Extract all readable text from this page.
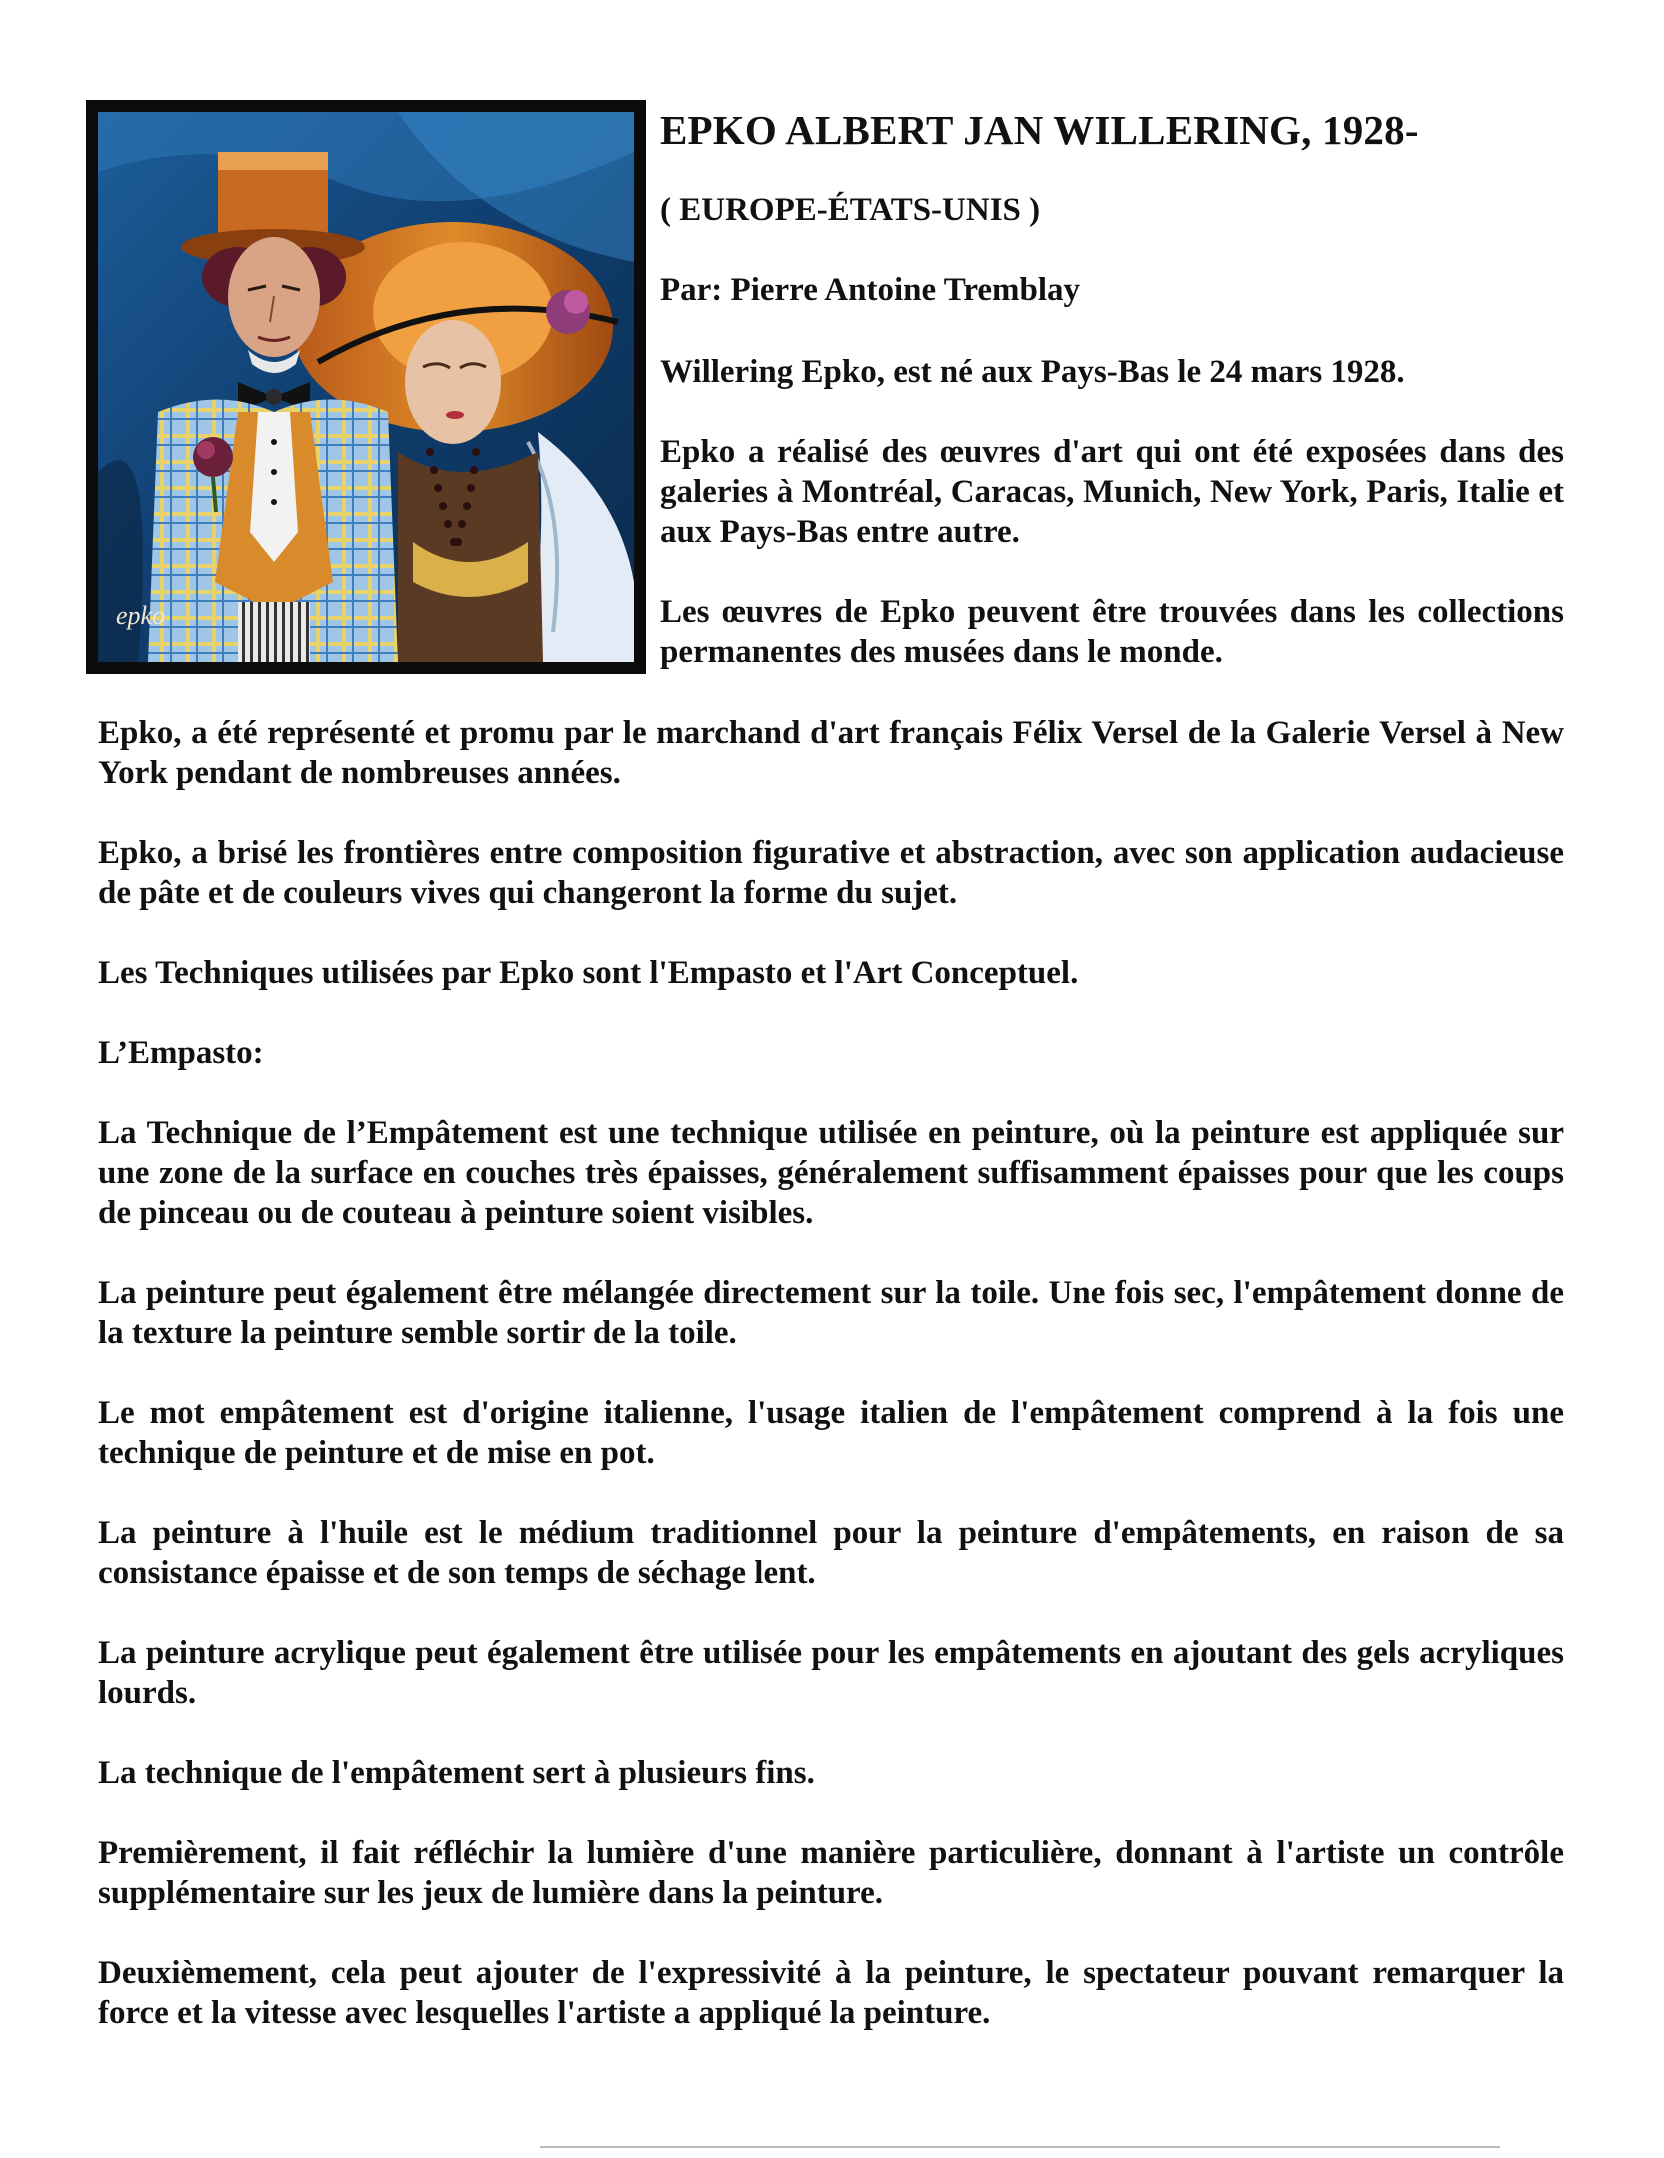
epko
EPKO ALBERT JAN WILLERING, 1928-

( EUROPE-ÉTATS-UNIS )

Par: Pierre Antoine Tremblay

Willering Epko, est né aux Pays-Bas le 24 mars 1928.

Epko a réalisé des œuvres d'art qui ont été exposées dans des galeries à Montréal, Caracas, Munich, New York, Paris, Italie et aux Pays-Bas entre autre.

Les œuvres de Epko peuvent être trouvées dans les collections permanentes des musées dans le monde.

Epko, a été représenté et promu par le marchand d'art français Félix Versel de la Galerie Versel à New York pendant de nombreuses années.

Epko, a brisé les frontières entre composition figurative et abstraction, avec son application audacieuse de pâte et de couleurs vives qui changeront la forme du sujet.

Les Techniques utilisées par Epko sont l'Empasto et l'Art Conceptuel.

L’Empasto:

La Technique de l’Empâtement est une technique utilisée en peinture, où la peinture est appliquée sur une zone de la surface en couches très épaisses, généralement suffisamment épaisses pour que les coups de pinceau ou de couteau à peinture soient visibles.

La peinture peut également être mélangée directement sur la toile. Une fois sec, l'empâtement donne de la texture la peinture semble sortir de la toile.

Le mot empâtement est d'origine italienne, l'usage italien de l'empâtement comprend à la fois une technique de peinture et de mise en pot.

La peinture à l'huile est le médium traditionnel pour la peinture d'empâtements, en raison de sa consistance épaisse et de son temps de séchage lent.

La peinture acrylique peut également être utilisée pour les empâtements en ajoutant des gels acryliques lourds.

La technique de l'empâtement sert à plusieurs fins.

Premièrement, il fait réfléchir la lumière d'une manière particulière, donnant à l'artiste un contrôle supplémentaire sur les jeux de lumière dans la peinture.

Deuxièmement, cela peut ajouter de l'expressivité à la peinture, le spectateur pouvant remarquer la force et la vitesse avec lesquelles l'artiste a appliqué la peinture.
